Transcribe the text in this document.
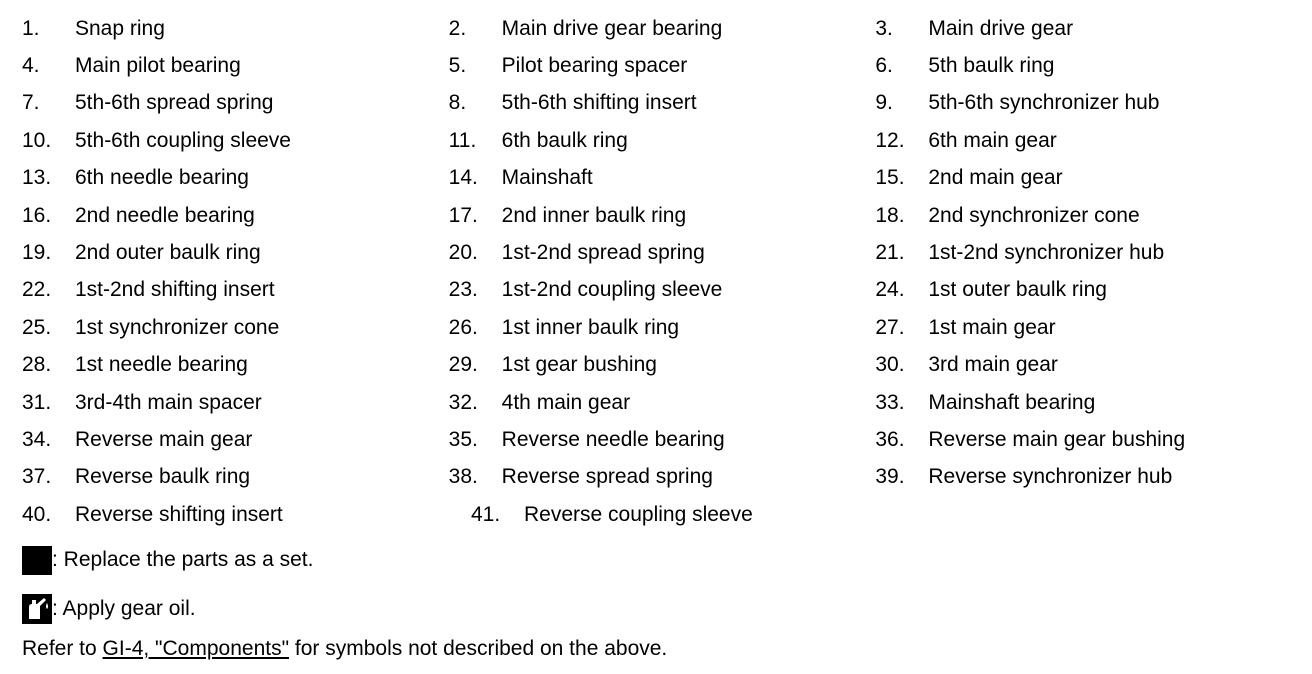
1.	Snap ring	2.	Main drive gear bearing	3.	Main drive gear
4.	Main pilot bearing	5.	Pilot bearing spacer	6.	5th baulk ring
7.	5th-6th spread spring	8.	5th-6th shifting insert	9.	5th-6th synchronizer hub
10.	5th-6th coupling sleeve	11.	6th baulk ring	12.	6th main gear
13.	6th needle bearing	14.	Mainshaft	15.	2nd main gear
16.	2nd needle bearing	17.	2nd inner baulk ring	18.	2nd synchronizer cone
19.	2nd outer baulk ring	20.	1st-2nd spread spring	21.	1st-2nd synchronizer hub
22.	1st-2nd shifting insert	23.	1st-2nd coupling sleeve	24.	1st outer baulk ring
25.	1st synchronizer cone	26.	1st inner baulk ring	27.	1st main gear
28.	1st needle bearing	29.	1st gear bushing	30.	3rd main gear
31.	3rd-4th main spacer	32.	4th main gear	33.	Mainshaft bearing
34.	Reverse main gear	35.	Reverse needle bearing	36.	Reverse main gear bushing
37.	Reverse baulk ring	38.	Reverse spread spring	39.	Reverse synchronizer hub
40.	Reverse shifting insert	41.	Reverse coupling sleeve
: Replace the parts as a set.
: Apply gear oil.
Refer to GI-4, "Components" for symbols not described on the above.
